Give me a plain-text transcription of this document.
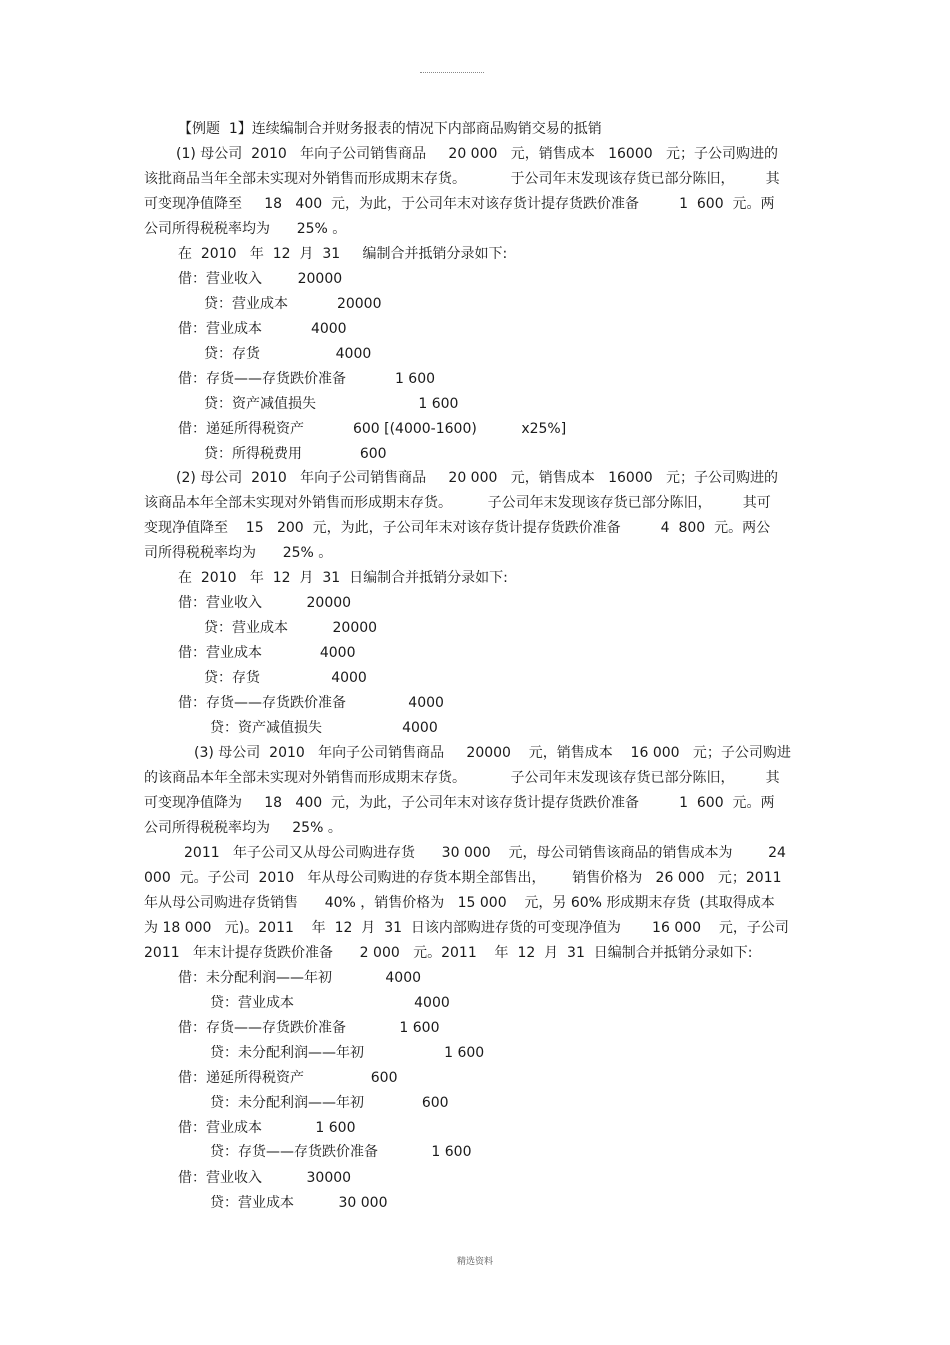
【例题  1】连续编制合并财务报表的情况下内部商品购销交易的抵销
(1) 母公司  2010   年向子公司销售商品     20 000   元，销售成本   16000   元；子公司购进的
该批商品当年全部未实现对外销售而形成期末存货。          于公司年末发现该存货已部分陈旧，       其
可变现净值降至     18   400  元，为此，于公司年末对该存货计提存货跌价准备         1  600  元。两
公司所得税税率均为      25% 。
在  2010   年  12  月  31     编制合并抵销分录如下:
借：营业收入        20000
贷：营业成本           20000
借：营业成本           4000
贷：存货                 4000
借：存货——存货跌价准备           1 600
贷：资产减值损失                       1 600
借：递延所得税资产           600 [(4000-1600)          x25%]
贷：所得税费用             600
(2) 母公司  2010   年向子公司销售商品     20 000   元，销售成本   16000   元；子公司购进的
该商品本年全部未实现对外销售而形成期末存货。        子公司年末发现该存货已部分陈旧，       其可
变现净值降至    15   200  元，为此，子公司年末对该存货计提存货跌价准备         4  800  元。两公
司所得税税率均为      25% 。
在  2010   年  12  月  31  日编制合并抵销分录如下:
借：营业收入          20000
贷：营业成本          20000
借：营业成本             4000
贷：存货                4000
借：存货——存货跌价准备              4000
贷：资产减值损失                  4000
(3) 母公司  2010   年向子公司销售商品     20000    元，销售成本    16 000   元；子公司购进
的该商品本年全部未实现对外销售而形成期末存货。          子公司年末发现该存货已部分陈旧，       其
可变现净值降为     18   400  元，为此，子公司年末对该存货计提存货跌价准备         1  600  元。两
公司所得税税率均为     25% 。
2011   年子公司又从母公司购进存货      30 000    元，母公司销售该商品的销售成本为        24
000  元。子公司  2010   年从母公司购进的存货本期全部售出，      销售价格为   26 000   元；2011
年从母公司购进存货销售      40% ，销售价格为   15 000    元，另 60% 形成期末存货  (其取得成本
为 18 000   元)。2011    年  12  月  31  日该内部购进存货的可变现净值为       16 000    元，子公司
2011   年末计提存货跌价准备      2 000   元。2011    年  12  月  31  日编制合并抵销分录如下:
借：未分配利润——年初            4000
贷：营业成本                           4000
借：存货——存货跌价准备            1 600
贷：未分配利润——年初                  1 600
借：递延所得税资产               600
贷：未分配利润——年初             600
借：营业成本            1 600
贷：存货——存货跌价准备            1 600
借：营业收入          30000
贷：营业成本          30 000
精选资料
